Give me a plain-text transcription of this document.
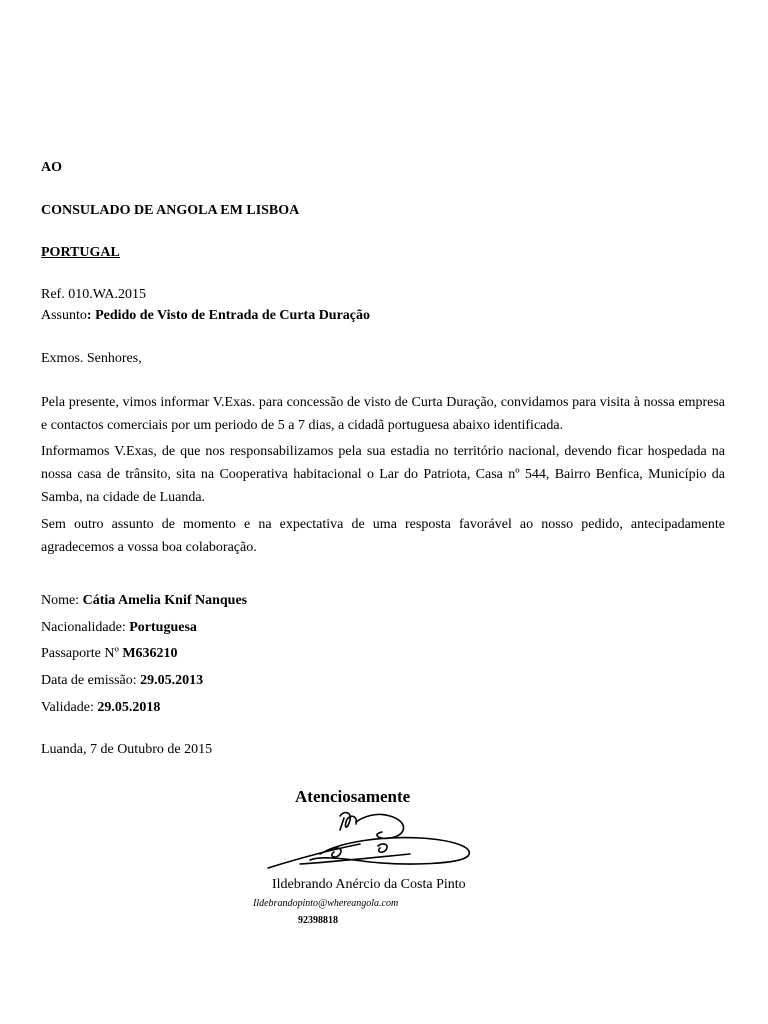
AO
CONSULADO DE ANGOLA EM LISBOA
PORTUGAL
Ref. 010.WA.2015
Assunto: Pedido de Visto de Entrada de Curta Duração
Exmos. Senhores,

Pela presente, vimos informar V.Exas. para concessão de visto de Curta Duração, convidamos para visita à nossa empresa e contactos comerciais por um periodo de 5 a 7 dias, a cidadã portuguesa abaixo identificada.

Informamos V.Exas, de que nos responsabilizamos pela sua estadia no território nacional, devendo ficar hospedada na nossa casa de trânsito, sita na Cooperativa habitacional o Lar do Patriota, Casa nº 544, Bairro Benfica, Município da Samba, na cidade de Luanda.

Sem outro assunto de momento e na expectativa de uma resposta favorável ao nosso pedido, antecipadamente agradecemos a vossa boa colaboração.

Nome: Cátia Amelia Knif Nanques
Nacionalidade: Portuguesa
Passaporte Nº M636210
Data de emissão: 29.05.2013
Validade: 29.05.2018
Luanda, 7 de Outubro de 2015
Atenciosamente
Ildebrando Anércio da Costa Pinto
Ildebrandopinto@whereangola.com
92398818
